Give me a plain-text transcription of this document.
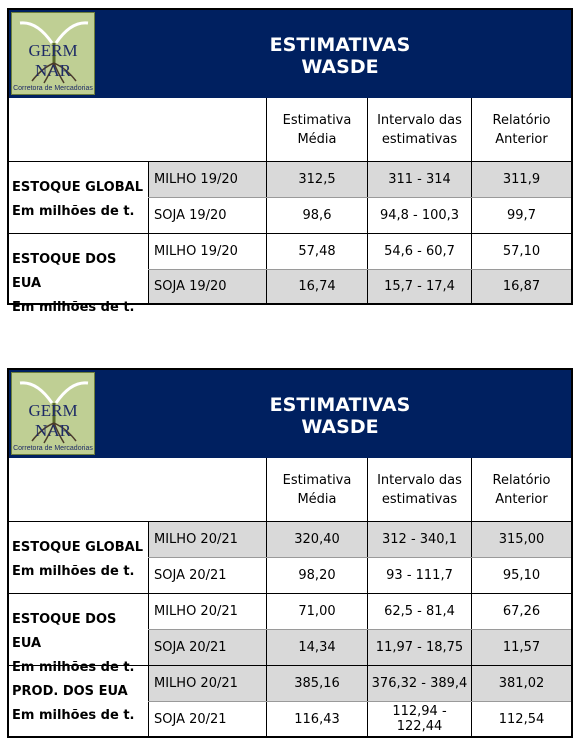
GERM NAR
Corretora de Mercadorias
ESTIMATIVAS
WASDE
Estimativa
Média
Intervalo das
estimativas
Relatório
Anterior
ESTOQUE GLOBAL
Em milhões de t.
MILHO 19/20	312,5	311 - 314	311,9
SOJA 19/20	98,6	94,8 - 100,3	99,7
ESTOQUE DOS EUA
Em milhões de t.
MILHO 19/20	57,48	54,6 - 60,7	57,10
SOJA 19/20	16,74	15,7 - 17,4	16,87
GERM NAR
Corretora de Mercadorias
ESTIMATIVAS
WASDE
Estimativa
Média
Intervalo das
estimativas
Relatório
Anterior
ESTOQUE GLOBAL
Em milhões de t.
MILHO 20/21	320,40	312 - 340,1	315,00
SOJA 20/21	98,20	93 - 111,7	95,10
ESTOQUE DOS EUA
Em milhões de t.
MILHO 20/21	71,00	62,5 - 81,4	67,26
SOJA 20/21	14,34	11,97 - 18,75	11,57
PROD. DOS EUA
Em milhões de t.
MILHO 20/21	385,16	376,32 - 389,4	381,02
SOJA 20/21	116,43	112,94 - 122,44	112,54
